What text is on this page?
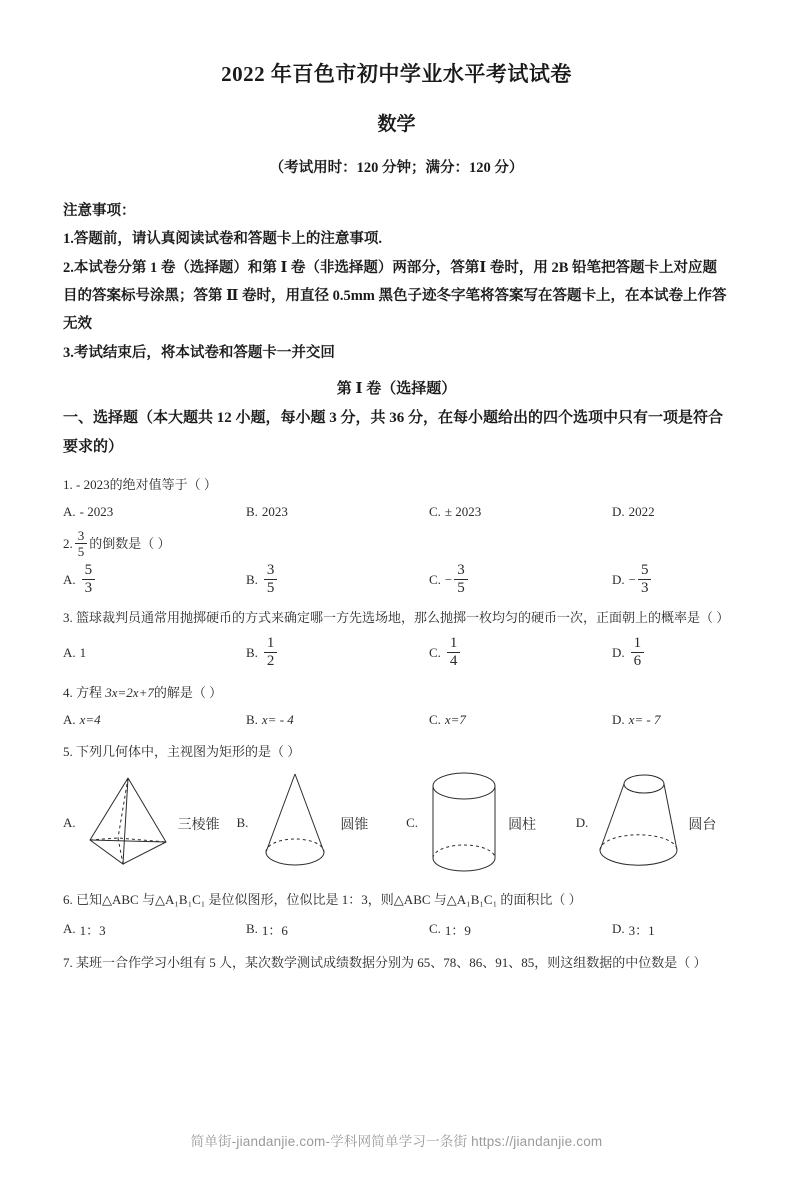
2022 年百色市初中学业水平考试试卷
数学
（考试用时：120 分钟；满分：120 分）
注意事项：
1.答题前，请认真阅读试卷和答题卡上的注意事项.
2.本试卷分第 1 卷（选择题）和第 Ⅰ 卷（非选择题）两部分，答第Ⅰ 卷时，用 2B 铅笔把答题卡上对应题目的答案标号涂黑；答第 Ⅱ 卷时，用直径 0.5mm 黑色子迹冬字笔将答案写在答题卡上，在本试卷上作答无效
3.考试结束后，将本试卷和答题卡一并交回
第 Ⅰ 卷（选择题）
一、选择题（本大题共 12 小题，每小题 3 分，共 36 分，在每小题给出的四个选项中只有一项是符合要求的）
1. - 2023的绝对值等于（ ）
A. - 2023	B. 2023	C. ± 2023	D. 2022
2. $\frac{3}{5}$ 的倒数是（ ）
A. $\frac{5}{3}$	B. $\frac{3}{5}$	C. − $\frac{3}{5}$	D. − $\frac{5}{3}$
3. 篮球裁判员通常用抛掷硬币的方式来确定哪一方先选场地，那么抛掷一枚均匀的硬币一次，正面朝上的概率是（ ）
A. 1	B. $\frac{1}{2}$	C. $\frac{1}{4}$	D. $\frac{1}{6}$
4. 方程 3x=2x+7的解是（ ）
A. x=4	B. x= - 4	C. x=7	D. x= - 7
5. 下列几何体中，主视图为矩形的是（ ）
A.	三棱锥 B.	圆锥	C.	圆柱	D.	圆台
6. 已知△ABC 与△A₁B₁C₁ 是位似图形，位似比是 1：3，则△ABC 与△A₁B₁C₁ 的面积比（ ）
A. 1：3	B. 1：6	C. 1：9	D. 3：1
7. 某班一合作学习小组有 5 人，某次数学测试成绩数据分别为 65、78、86、91、85，则这组数据的中位数是（ ）
简单街-jiandanjie.com-学科网简单学习一条街 https://jiandanjie.com
